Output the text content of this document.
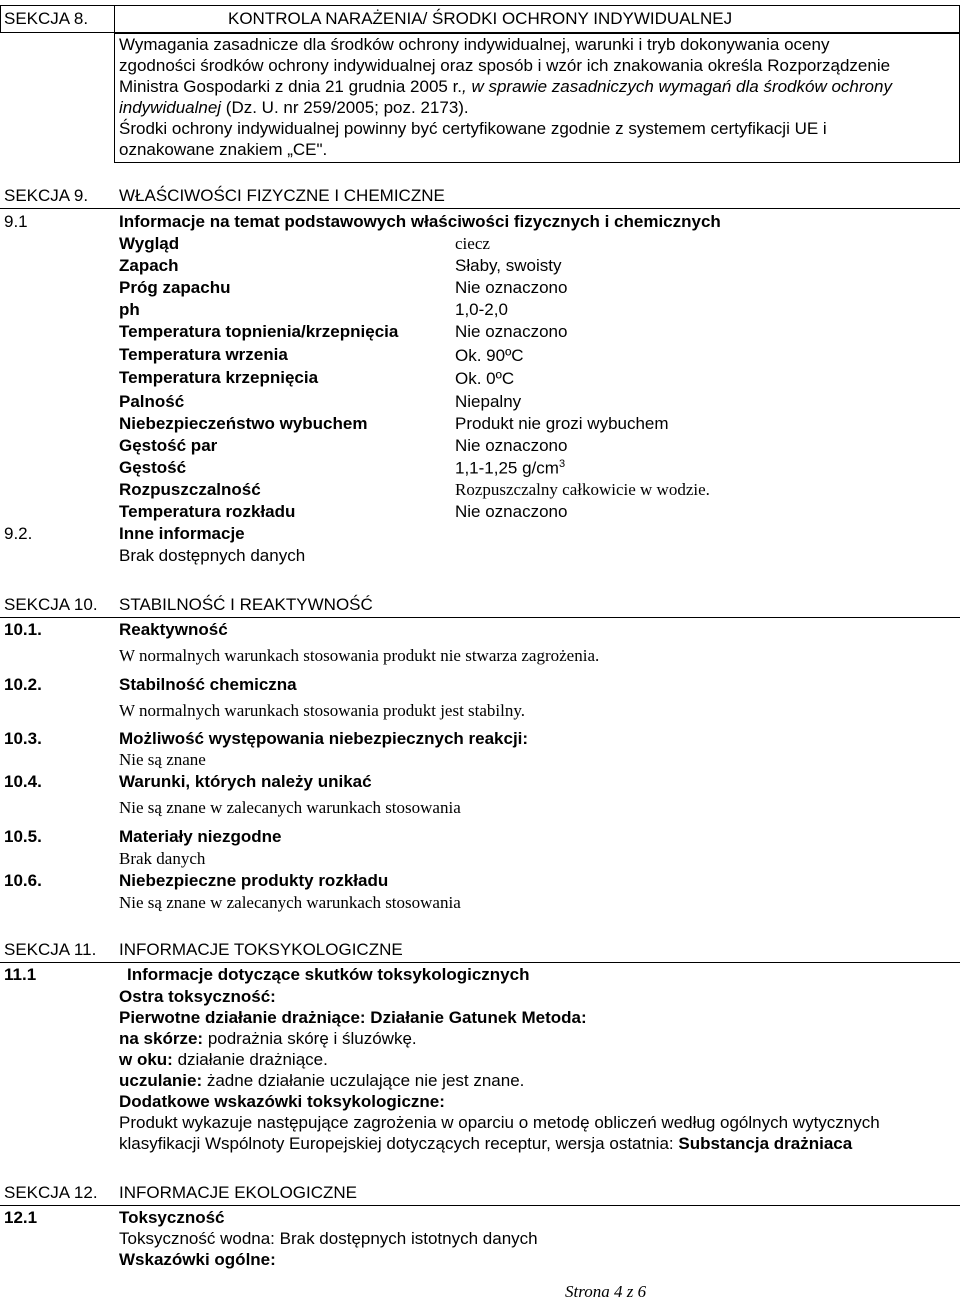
SEKCJA 8.	KONTROLA NARAŻENIA/ ŚRODKI OCHRONY INDYWIDUALNEJ
Wymagania zasadnicze dla środków ochrony indywidualnej, warunki i tryb dokonywania oceny
zgodności środków ochrony indywidualnej oraz sposób i wzór ich znakowania określa Rozporządzenie
Ministra Gospodarki z dnia 21 grudnia 2005 r., w sprawie zasadniczych wymagań dla środków ochrony
indywidualnej (Dz. U. nr 259/2005; poz. 2173).
Środki ochrony indywidualnej powinny być certyfikowane zgodnie z systemem certyfikacji UE i
oznakowane znakiem „CE".
SEKCJA 9. WŁAŚCIWOŚCI FIZYCZNE I CHEMICZNE
9.1	Informacje na temat podstawowych właściwości fizycznych i chemicznych
Wygląd	ciecz
Zapach	Słaby, swoisty
Próg zapachu	Nie oznaczono
ph	1,0-2,0
Temperatura topnienia/krzepnięcia	Nie oznaczono
Temperatura wrzenia	Ok. 90ºC
Temperatura krzepnięcia	Ok. 0ºC
Palność	Niepalny
Niebezpieczeństwo wybuchem	Produkt nie grozi wybuchem
Gęstość par	Nie oznaczono
Gęstość	1,1-1,25 $g/cm^3$
Rozpuszczalność	Rozpuszczalny całkowicie w wodzie.
Temperatura rozkładu	Nie oznaczono
9.2.	Inne informacje
Brak dostępnych danych
SEKCJA 10. STABILNOŚĆ I REAKTYWNOŚĆ
10.1.	Reaktywność
W normalnych warunkach stosowania produkt nie stwarza zagrożenia.
10.2.	Stabilność chemiczna
W normalnych warunkach stosowania produkt jest stabilny.
10.3.	Możliwość występowania niebezpiecznych reakcji:
Nie są znane
10.4.	Warunki, których należy unikać
Nie są znane w zalecanych warunkach stosowania
10.5.	Materiały niezgodne
Brak danych
10.6.	Niebezpieczne produkty rozkładu
Nie są znane w zalecanych warunkach stosowania
SEKCJA 11. INFORMACJE TOKSYKOLOGICZNE
11.1	Informacje dotyczące skutków toksykologicznych
Ostra toksyczność:
Pierwotne działanie drażniące: Działanie Gatunek Metoda:
na skórze: podrażnia skórę i śluzówkę.
w oku: działanie drażniące.
uczulanie: żadne działanie uczulające nie jest znane.
Dodatkowe wskazówki toksykologiczne:
Produkt wykazuje następujące zagrożenia w oparciu o metodę obliczeń według ogólnych wytycznych
klasyfikacji Wspólnoty Europejskiej dotyczących receptur, wersja ostatnia: Substancja drażniaca
SEKCJA 12. INFORMACJE EKOLOGICZNE
12.1	Toksyczność
Toksyczność wodna: Brak dostępnych istotnych danych
Wskazówki ogólne:
Strona 4 z 6
